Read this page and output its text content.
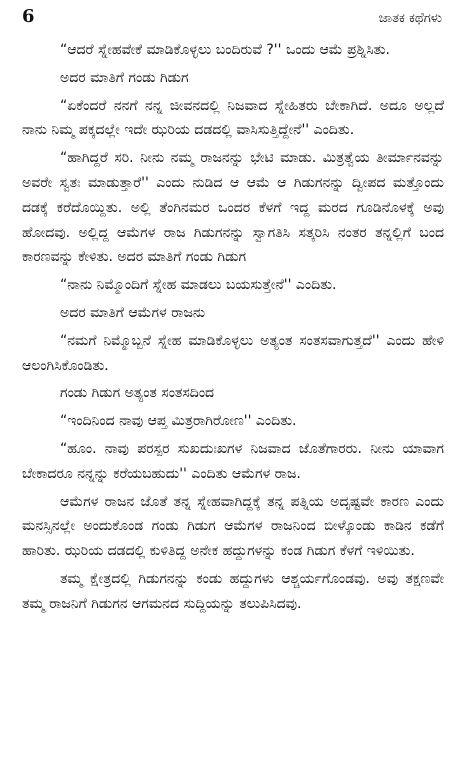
6	ಜಾತಕ ಕಥೆಗಳು

“ಆದರೆ ಸ್ನೇಹವೇಕೆ ಮಾಡಿಕೊಳ್ಳಲು ಬಂದಿರುವೆ ?'' ಒಂದು ಆಮೆ ಪ್ರಶ್ನಿಸಿತು.

ಅದರ ಮಾತಿಗೆ ಗಂಡು ಗಿಡುಗ

“ಏಕೆಂದರೆ ನನಗೆ ನನ್ನ ಜೀವನದಲ್ಲಿ ನಿಜವಾದ ಸ್ನೇಹಿತರು ಬೇಕಾಗಿದೆ. ಅದೂ ಅಲ್ಲದೆ ನಾನು ನಿಮ್ಮ ಪಕ್ಕದಲ್ಲೇ ಇದೇ ಝರಿಯ ದಡದಲ್ಲಿ ವಾಸಿಸುತ್ತಿದ್ದೇನೆ'' ಎಂದಿತು.

“ಹಾಗಿದ್ದರೆ ಸರಿ. ನೀನು ನಮ್ಮ ರಾಜನನ್ನು ಭೇಟಿ ಮಾಡು. ಮಿತ್ರತ್ವೆಯ ತೀರ್ಮಾನವನ್ನು ಅವರೇ ಸ್ವತಃ ಮಾಡುತ್ತಾರೆ'' ಎಂದು ನುಡಿದ ಆ ಆಮೆ ಆ ಗಿಡುಗನನ್ನು ದ್ವೀಪದ ಮತ್ತೊಂದು ದಡಕ್ಕೆ ಕರೆದೊಯ್ದಿತು. ಅಲ್ಲಿ ತೆಂಗಿನಮರ ಒಂದರ ಕೆಳಗೆ ಇದ್ದ ಮರದ ಗೂಡಿನೊಳಕ್ಕೆ ಅವು ಹೋದವು. ಅಲ್ಲಿದ್ದ ಆಮೆಗಳ ರಾಜ ಗಿಡುಗನನ್ನು ಸ್ವಾಗತಿಸಿ ಸತ್ಕರಿಸಿ ನಂತರ ತನ್ನಲ್ಲಿಗೆ ಬಂದ ಕಾರಣವನ್ನು ಕೇಳಿತು. ಅದರ ಮಾತಿಗೆ ಗಂಡು ಗಿಡುಗ

“ನಾನು ನಿಮ್ಮೊಂದಿಗೆ ಸ್ನೇಹ ಮಾಡಲು ಬಯಸುತ್ತೇನೆ'' ಎಂದಿತು.

ಅದರ ಮಾತಿಗೆ ಆಮೆಗಳ ರಾಜನು

“ನಮಗೆ ನಿಮ್ಮೊಬ್ಬನೆ ಸ್ನೇಹ ಮಾಡಿಕೊಳ್ಳಲು ಅತ್ಯಂತ ಸಂತಸವಾಗುತ್ತದೆ'' ಎಂದು ಹೇಳಿ ಆಲಂಗಿಸಿಕೊಂಡಿತು.

ಗಂಡು ಗಿಡುಗ ಅತ್ಯಂತ ಸಂತಸದಿಂದ

“ಇಂದಿನಿಂದ ನಾವು ಆಪ್ತ ಮಿತ್ರರಾಗಿರೋಣ'' ಎಂದಿತು.

“ಹೂಂ. ನಾವು ಪರಸ್ಪರ ಸುಖದುಃಖಗಳ ನಿಜವಾದ ಜೊತೆಗಾರರು. ನೀನು ಯಾವಾಗ ಬೇಕಾದರೂ ನನ್ನನ್ನು ಕರೆಯಬಹುದು'' ಎಂದಿತು ಆಮೆಗಳ ರಾಜ.

ಆಮೆಗಳ ರಾಜನ ಜೊತೆ ತನ್ನ ಸ್ನೇಹವಾಗಿದ್ದಕ್ಕೆ ತನ್ನ ಪತ್ನಿಯ ಅದೃಷ್ಟವೇ ಕಾರಣ ಎಂದು ಮನಸ್ಸಿನಲ್ಲೇ ಅಂದುಕೊಂಡ ಗಂಡು ಗಿಡುಗ ಆಮೆಗಳ ರಾಜನಿಂದ ಬೀಳ್ಕೊಂಡು ಕಾಡಿನ ಕಡೆಗೆ ಹಾರಿತು. ಝರಿಯ ದಡದಲ್ಲಿ ಕುಳಿತಿದ್ದ ಅನೇಕ ಹದ್ದುಗಳನ್ನು ಕಂಡ ಗಿಡುಗ ಕೆಳಗೆ ಇಳಿಯಿತು.

ತಮ್ಮ ಕ್ಷೇತ್ರದಲ್ಲಿ ಗಿಡುಗನನ್ನು ಕಂಡು ಹದ್ದುಗಳು ಆಶ್ಚರ್ಯಗೊಂಡವು. ಅವು ತಕ್ಷಣವೇ ತಮ್ಮ ರಾಜನಿಗೆ ಗಿಡುಗನ ಆಗಮನದ ಸುದ್ದಿಯನ್ನು ತಲುಪಿಸಿದವು.
